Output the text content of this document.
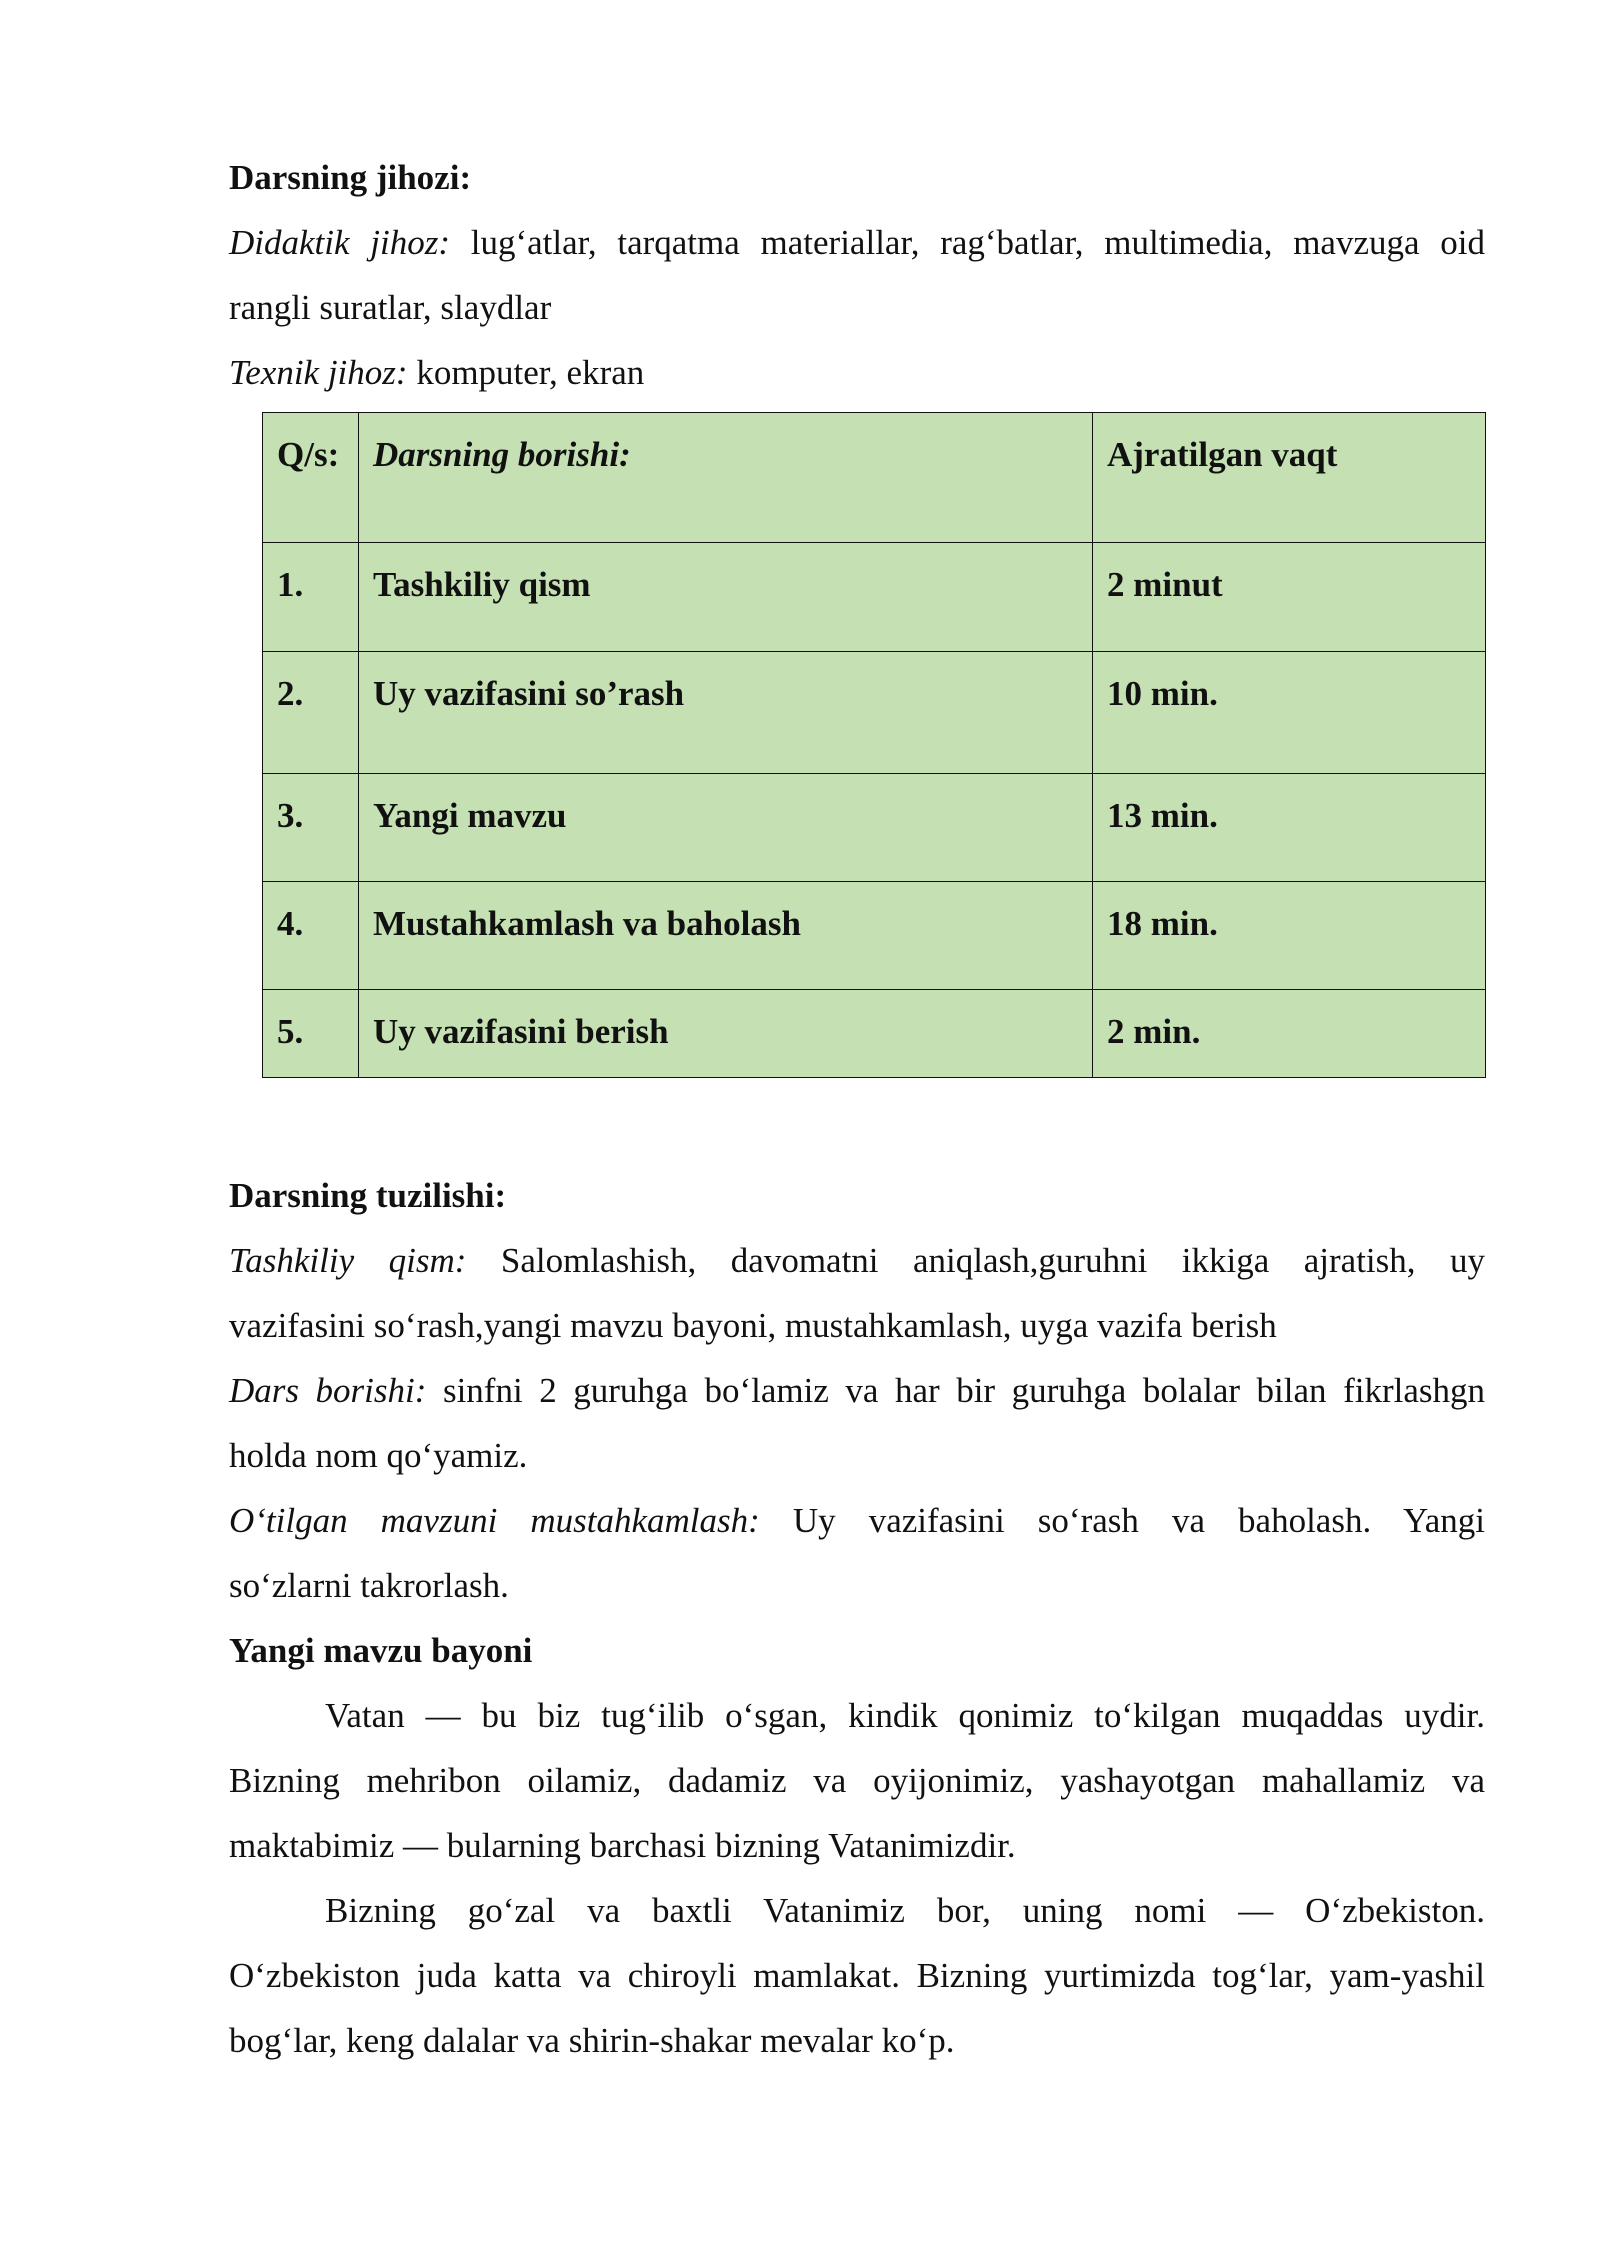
Darsning jihozi:

Didaktik jihoz: lug‘atlar, tarqatma materiallar, rag‘batlar, multimedia, mavzuga oid

rangli suratlar, slaydlar

Texnik jihoz: komputer, ekran

Q/s:	Darsning borishi:	Ajratilgan vaqt
1.	Tashkiliy qism	2 minut
2.	Uy vazifasini so’rash	10 min.
3.	Yangi mavzu	13 min.
4.	Mustahkamlash va baholash	18 min.
5.	Uy vazifasini berish	2 min.

Darsning tuzilishi:

Tashkiliy qism: Salomlashish, davomatni aniqlash,guruhni ikkiga ajratish, uy

vazifasini so‘rash,yangi mavzu bayoni, mustahkamlash, uyga vazifa berish

Dars borishi: sinfni 2 guruhga bo‘lamiz va har bir guruhga bolalar bilan fikrlashgn

holda nom qo‘yamiz.

O‘tilgan mavzuni mustahkamlash: Uy vazifasini so‘rash va baholash. Yangi

so‘zlarni takrorlash.

Yangi mavzu bayoni

Vatan — bu biz tug‘ilib o‘sgan, kindik qonimiz to‘kilgan muqaddas uydir.

Bizning mehribon oilamiz, dadamiz va oyijonimiz, yashayotgan mahallamiz va

maktabimiz — bularning barchasi bizning Vatanimizdir.

Bizning go‘zal va baxtli Vatanimiz bor, uning nomi — O‘zbekiston.

O‘zbekiston juda katta va chiroyli mamlakat. Bizning yurtimizda tog‘lar, yam-yashil

bog‘lar, keng dalalar va shirin-shakar mevalar ko‘p.
